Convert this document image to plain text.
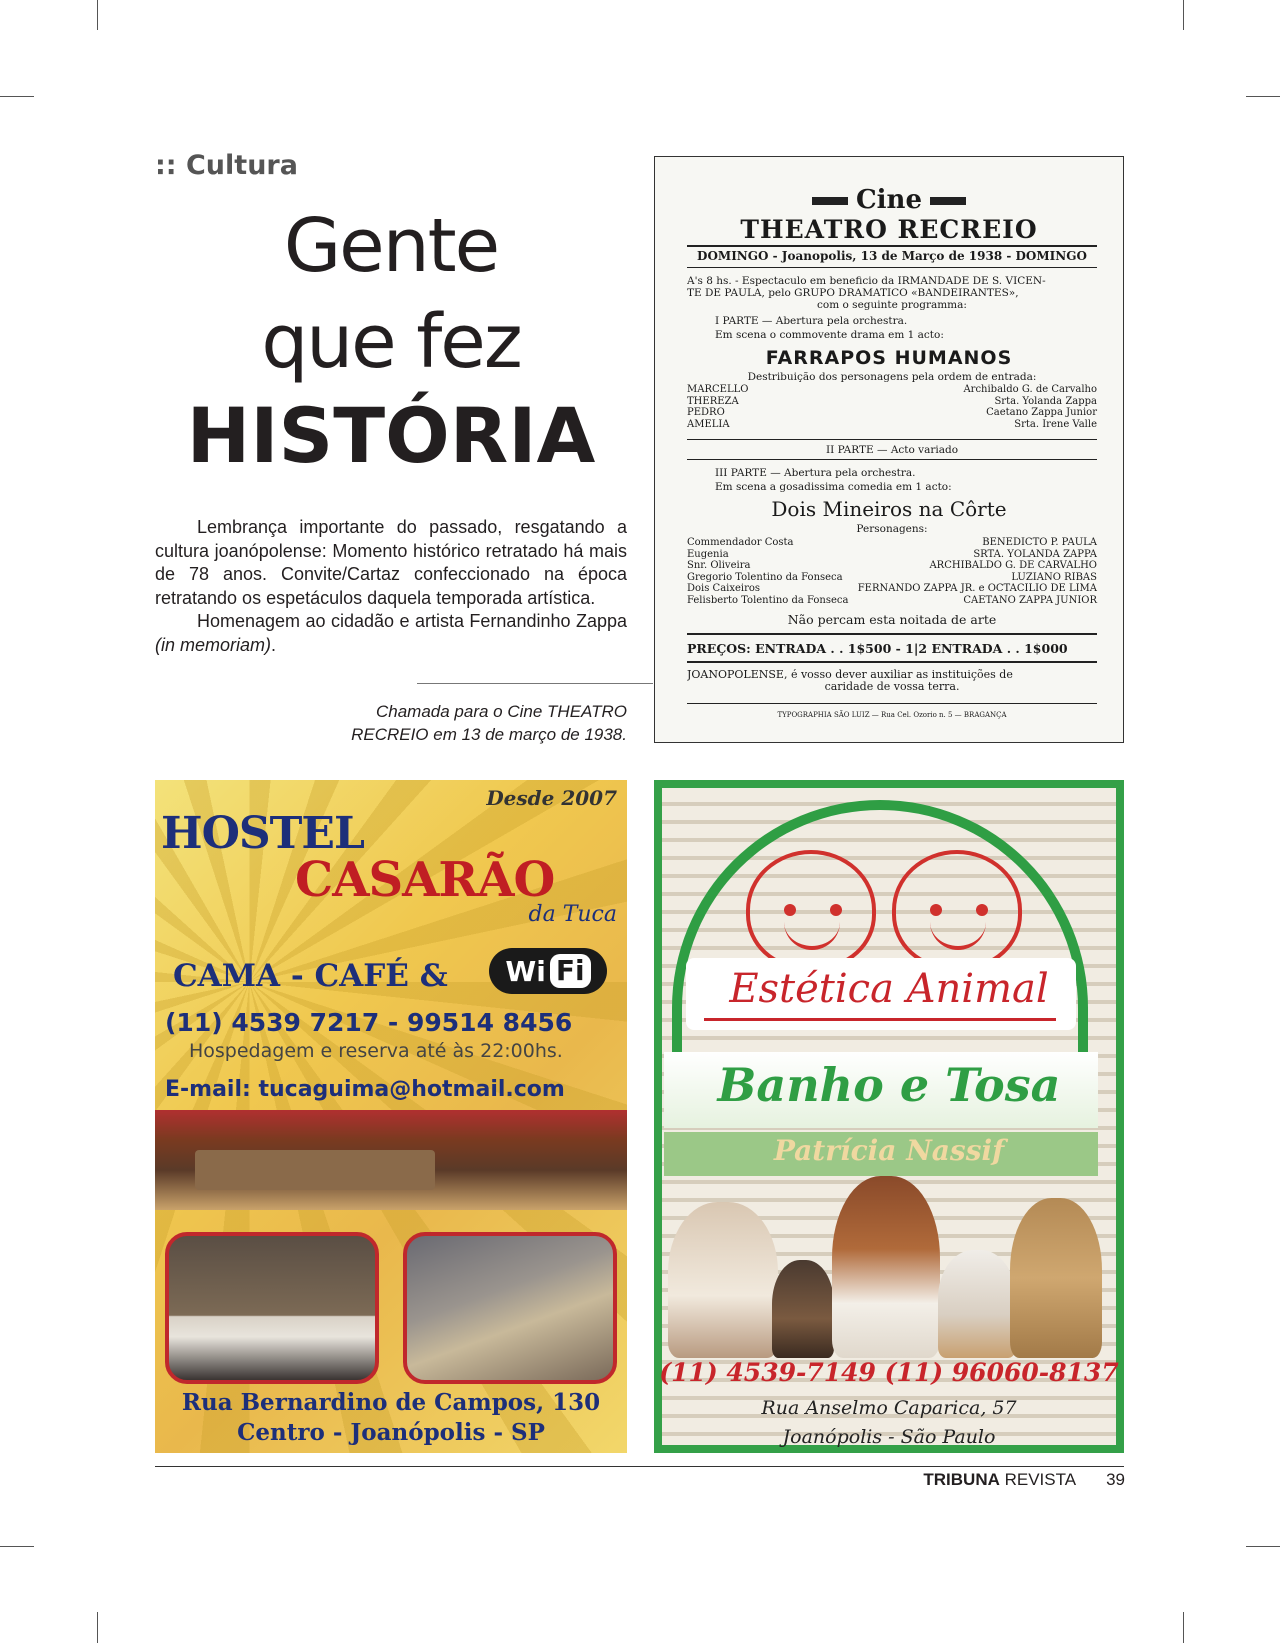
:: Cultura
Gente
que fez
HISTÓRIA

Lembrança importante do passado, resgatando a cultura joanópolense: Momento histórico retratado há mais de 78 anos. Convite/Cartaz confeccionado na época retratando os espetáculos daquela temporada artística.

Homenagem ao cidadão e artista Fernandinho Zappa (in memoriam).

Chamada para o Cine THEATRO
RECREIO em 13 de março de 1938.
Cine
THEATRO RECREIO
DOMINGO - Joanopolis, 13 de Março de 1938 - DOMINGO
A's 8 hs. - Espectaculo em beneficio da IRMANDADE DE S. VICEN-
TE DE PAULA, pelo GRUPO DRAMATICO «BANDEIRANTES»,
com o seguinte programma:
I PARTE — Abertura pela orchestra.
Em scena o commovente drama em 1 acto:
FARRAPOS HUMANOS
Destribuição dos personagens pela ordem de entrada:
MARCELLO	Archibaldo G. de Carvalho
THEREZA	Srta. Yolanda Zappa
PEDRO	Caetano Zappa Junior
AMELIA	Srta. Irene Valle
II PARTE — Acto variado
III PARTE — Abertura pela orchestra.
Em scena a gosadissima comedia em 1 acto:
Dois Mineiros na Côrte
Personagens:
Commendador Costa	BENEDICTO P. PAULA
Eugenia	SRTA. YOLANDA ZAPPA
Snr. Oliveira	ARCHIBALDO G. DE CARVALHO
Gregorio Tolentino da Fonseca	LUZIANO RIBAS
Dois Caixeiros	FERNANDO ZAPPA JR. e OCTACILIO DE LIMA
Felisberto Tolentino da Fonseca	CAETANO ZAPPA JUNIOR
Não percam esta noitada de arte
PREÇOS: ENTRADA . . 1$500 - 1|2 ENTRADA . . 1$000
JOANOPOLENSE, é vosso dever auxiliar as instituições de
caridade de vossa terra.
TYPOGRAPHIA SÃO LUIZ — Rua Cel. Ozorio n. 5 — BRAGANÇA
Desde 2007
HOSTEL
CASARÃO
da Tuca
CAMA - CAFÉ & Wi Fi
(11) 4539 7217 - 99514 8456
Hospedagem e reserva até às 22:00hs.
E-mail: tucaguima@hotmail.com
Rua Bernardino de Campos, 130
Centro - Joanópolis - SP
Estética Animal
Banho e Tosa
Patrícia Nassif
(11) 4539-7149 (11) 96060-8137
Rua Anselmo Caparica, 57
Joanópolis - São Paulo
TRIBUNA REVISTA 39
